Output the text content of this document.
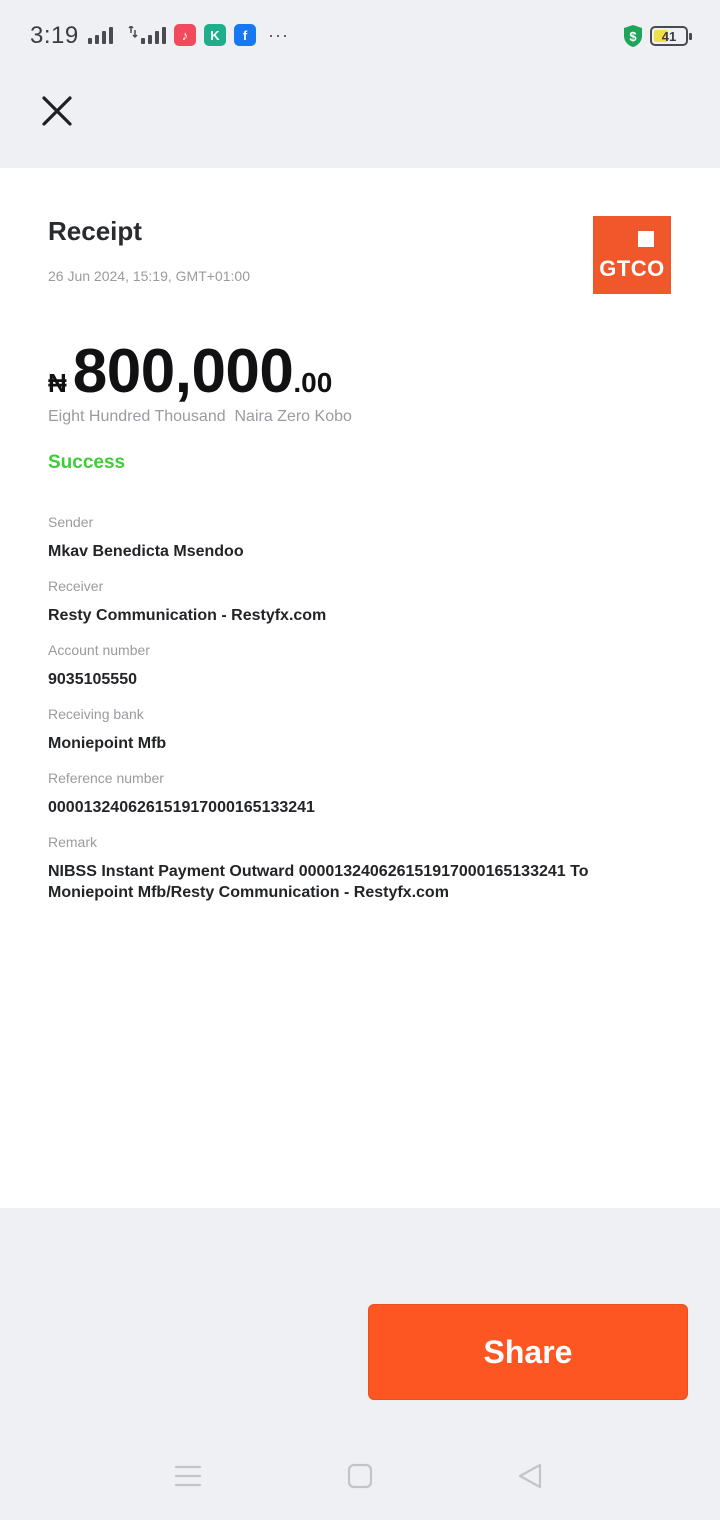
3:19	♪	K	f	···	$ 41
Receipt
26 Jun 2024, 15:19, GMT+01:00	GTCO
₦ 800,000 .00
Eight Hundred Thousand  Naira Zero Kobo
Success
Sender
Mkav Benedicta Msendoo
Receiver
Resty Communication - Restyfx.com
Account number
9035105550
Receiving bank
Moniepoint Mfb
Reference number
000013240626151917000165133241
Remark
NIBSS Instant Payment Outward 000013240626151917000165133241 To Moniepoint Mfb/Resty Communication - Restyfx.com
Share
